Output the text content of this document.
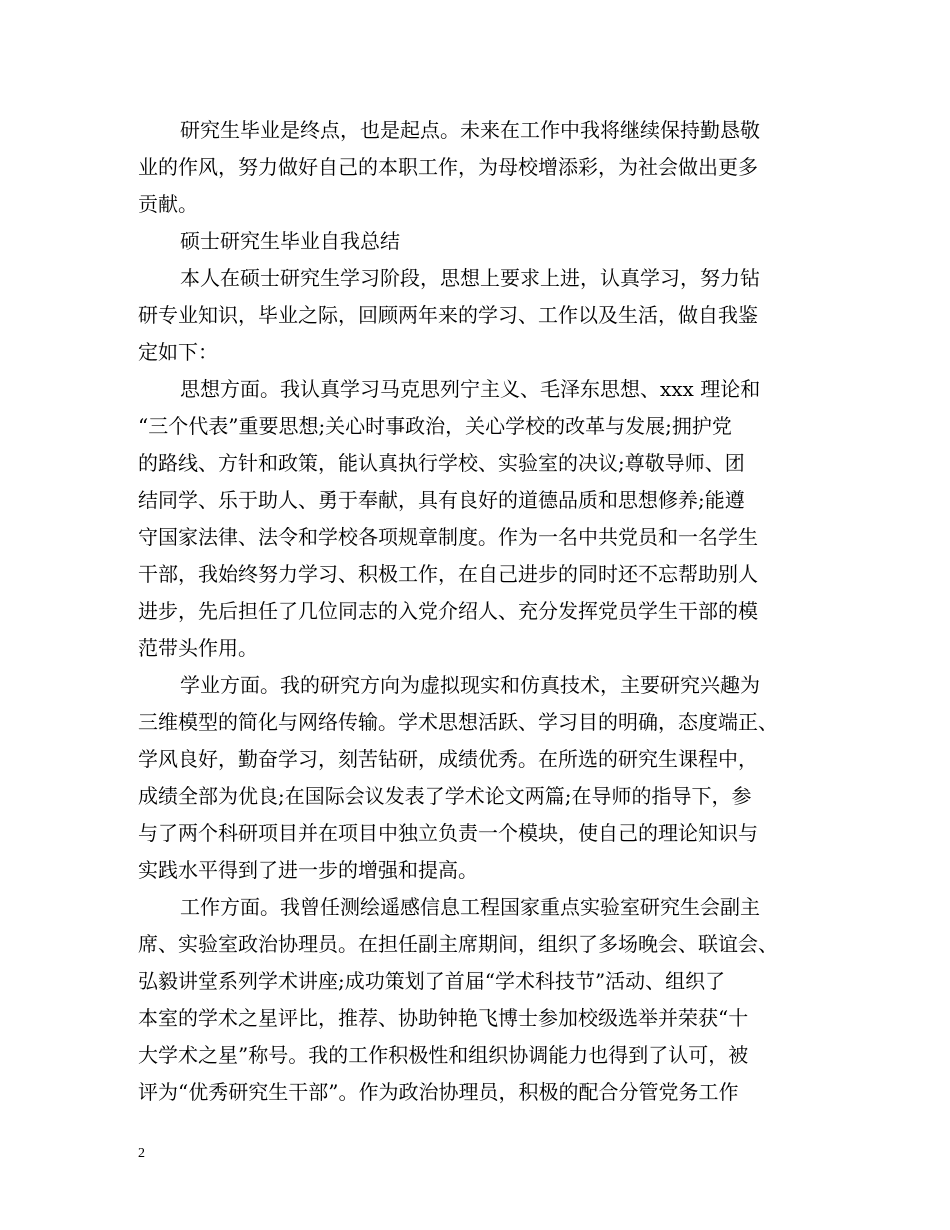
研究生毕业是终点，也是起点。未来在工作中我将继续保持勤恳敬
业的作风，努力做好自己的本职工作，为母校增添彩，为社会做出更多
贡献。
硕士研究生毕业自我总结
本人在硕士研究生学习阶段，思想上要求上进，认真学习，努力钻
研专业知识，毕业之际，回顾两年来的学习、工作以及生活，做自我鉴
定如下：
思想方面。我认真学习马克思列宁主义、毛泽东思想、xxx 理论和
“三个代表”重要思想;关心时事政治，关心学校的改革与发展;拥护党
的路线、方针和政策，能认真执行学校、实验室的决议;尊敬导师、团
结同学、乐于助人、勇于奉献，具有良好的道德品质和思想修养;能遵
守国家法律、法令和学校各项规章制度。作为一名中共党员和一名学生
干部，我始终努力学习、积极工作，在自己进步的同时还不忘帮助别人
进步，先后担任了几位同志的入党介绍人、充分发挥党员学生干部的模
范带头作用。
学业方面。我的研究方向为虚拟现实和仿真技术，主要研究兴趣为
三维模型的简化与网络传输。学术思想活跃、学习目的明确，态度端正、
学风良好，勤奋学习，刻苦钻研，成绩优秀。在所选的研究生课程中，
成绩全部为优良;在国际会议发表了学术论文两篇;在导师的指导下，参
与了两个科研项目并在项目中独立负责一个模块，使自己的理论知识与
实践水平得到了进一步的增强和提高。
工作方面。我曾任测绘遥感信息工程国家重点实验室研究生会副主
席、实验室政治协理员。在担任副主席期间，组织了多场晚会、联谊会、
弘毅讲堂系列学术讲座;成功策划了首届“学术科技节”活动、组织了
本室的学术之星评比，推荐、协助钟艳飞博士参加校级选举并荣获“十
大学术之星”称号。我的工作积极性和组织协调能力也得到了认可，被
评为“优秀研究生干部”。作为政治协理员，积极的配合分管党务工作
2
